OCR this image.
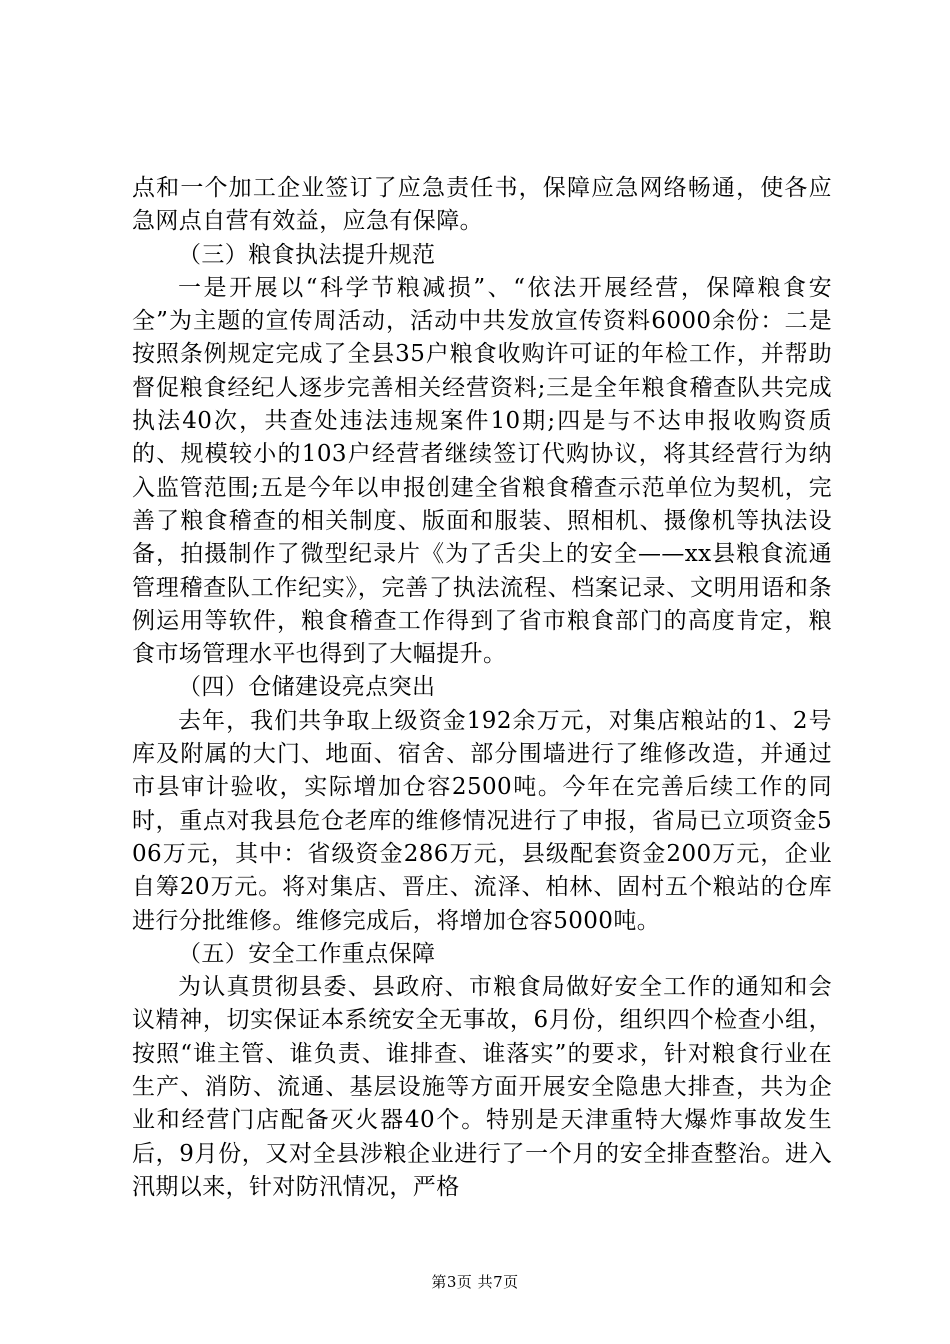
点和一个加工企业签订了应急责任书，保障应急网络畅通，使各应急网点自营有效益，应急有保障。

（三）粮食执法提升规范

一是开展以“科学节粮减损”、“依法开展经营，保障粮食安全”为主题的宣传周活动，活动中共发放宣传资料6000余份：二是按照条例规定完成了全县35户粮食收购许可证的年检工作，并帮助督促粮食经纪人逐步完善相关经营资料;三是全年粮食稽查队共完成执法40次，共查处违法违规案件10期;四是与不达申报收购资质的、规模较小的103户经营者继续签订代购协议，将其经营行为纳入监管范围;五是今年以申报创建全省粮食稽查示范单位为契机，完善了粮食稽查的相关制度、版面和服装、照相机、摄像机等执法设备，拍摄制作了微型纪录片《为了舌尖上的安全——xx县粮食流通管理稽查队工作纪实》，完善了执法流程、档案记录、文明用语和条例运用等软件，粮食稽查工作得到了省市粮食部门的高度肯定，粮食市场管理水平也得到了大幅提升。

（四）仓储建设亮点突出

去年，我们共争取上级资金192余万元，对集店粮站的1、2号库及附属的大门、地面、宿舍、部分围墙进行了维修改造，并通过市县审计验收，实际增加仓容2500吨。今年在完善后续工作的同时，重点对我县危仓老库的维修情况进行了申报，省局已立项资金506万元，其中：省级资金286万元，县级配套资金200万元，企业自筹20万元。将对集店、晋庄、流泽、柏林、固村五个粮站的仓库进行分批维修。维修完成后，将增加仓容5000吨。

（五）安全工作重点保障

为认真贯彻县委、县政府、市粮食局做好安全工作的通知和会议精神，切实保证本系统安全无事故，6月份，组织四个检查小组，按照“谁主管、谁负责、谁排查、谁落实”的要求，针对粮食行业在生产、消防、流通、基层设施等方面开展安全隐患大排查，共为企业和经营门店配备灭火器40个。特别是天津重特大爆炸事故发生后，9月份，又对全县涉粮企业进行了一个月的安全排查整治。进入汛期以来，针对防汛情况，严格

第3页 共7页
